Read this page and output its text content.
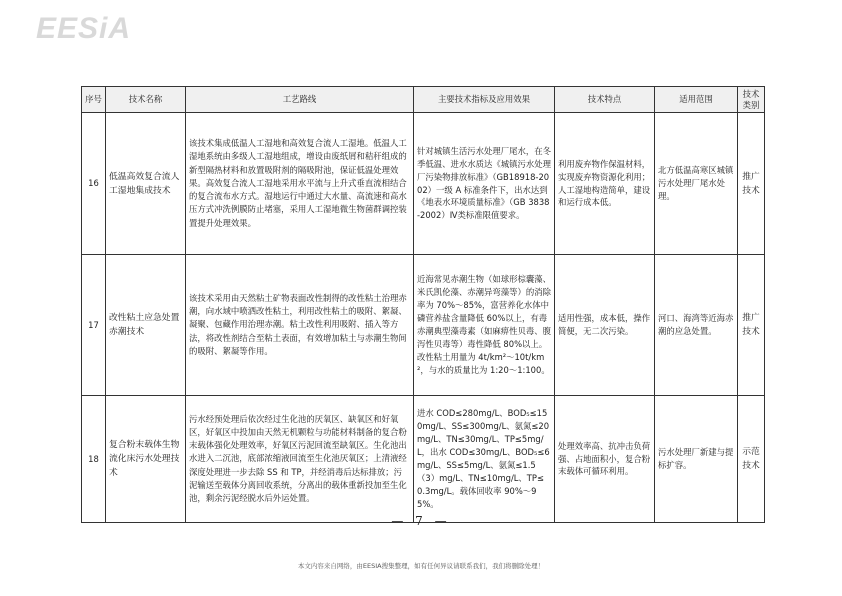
EESiA
序号	技术名称	工艺路线	主要技术指标及应用效果	技术特点	适用范围	技术类别
16	低温高效复合流人工湿地集成技术	该技术集成低温人工湿地和高效复合流人工湿地。低温人工湿地系统由多级人工湿地组成，增设由废纸屑和秸秆组成的新型隔热材料和放置吸附剂的隔吸附池，保证低温处理效果。高效复合流人工湿地采用水平流与上升式垂直流相结合的复合流布水方式。湿地运行中通过大水量、高流速和高水压方式冲洗例膜防止堵塞，采用人工湿地微生物菌群调控装置提升处理效果。	针对城镇生活污水处理厂尾水，在冬季低温、进水水质达《城镇污水处理厂污染物排放标准》（GB18918-2002）一级 A 标准条件下，出水达到《地表水环境质量标准》（GB 3838-2002）Ⅳ类标准限值要求。	利用废弃物作保温材料，实现废弃物资源化利用；人工湿地构造简单，建设和运行成本低。	北方低温高寒区城镇污水处理厂尾水处理。	推广技术
17	改性粘土应急处置赤潮技术	该技术采用由天然粘土矿物表面改性制得的改性粘土治理赤潮，向水域中喷洒改性粘土，利用改性粘土的吸附、絮凝、凝聚、包藏作用治理赤潮。粘土改性利用吸附、插入等方法，将改性剂结合至粘土表面，有效增加粘土与赤潮生物间的吸附、絮凝等作用。	近海常见赤潮生物（如球形棕囊藻、米氏凯伦藻、赤潮异弯藻等）的消除率为 70%～85%，富营养化水体中磷营养盐含量降低 60%以上，有毒赤潮典型藻毒素（如麻痹性贝毒、腹泻性贝毒等）毒性降低 80%以上。改性粘土用量为 4t/km²～10t/km²，与水的质量比为 1:20～1:100。	适用性强，成本低，操作简便，无二次污染。	河口、海湾等近海赤潮的应急处置。	推广技术
18	复合粉末载体生物流化床污水处理技术	污水经预处理后依次经过生化池的厌氧区、缺氧区和好氧区，好氧区中投加由天然无机颗粒与功能材料制备的复合粉末载体强化处理效率，好氧区污泥回流至缺氧区。生化池出水进入二沉池，底部浓缩液回流至生化池厌氧区；上清液经深度处理进一步去除 SS 和 TP，并经消毒后达标排放；污泥输送至载体分离回收系统，分离出的载体重新投加至生化池，剩余污泥经脱水后外运处置。	进水 COD≤280mg/L、BOD₅≤150mg/L、SS≤300mg/L、氨氮≤20mg/L、TN≤30mg/L、TP≤5mg/L，出水 COD≤30mg/L、BOD₅≤6mg/L、SS≤5mg/L、氨氮≤1.5（3）mg/L、TN≤10mg/L、TP≤0.3mg/L。载体回收率 90%～95%。	处理效率高、抗冲击负荷强、占地面积小，复合粉末载体可循环利用。	污水处理厂新建与提标扩容。	示范技术
— 7 —
本文内容来自网络，由EESIA搜集整理，如有任何异议请联系我们，我们将删除处理！
